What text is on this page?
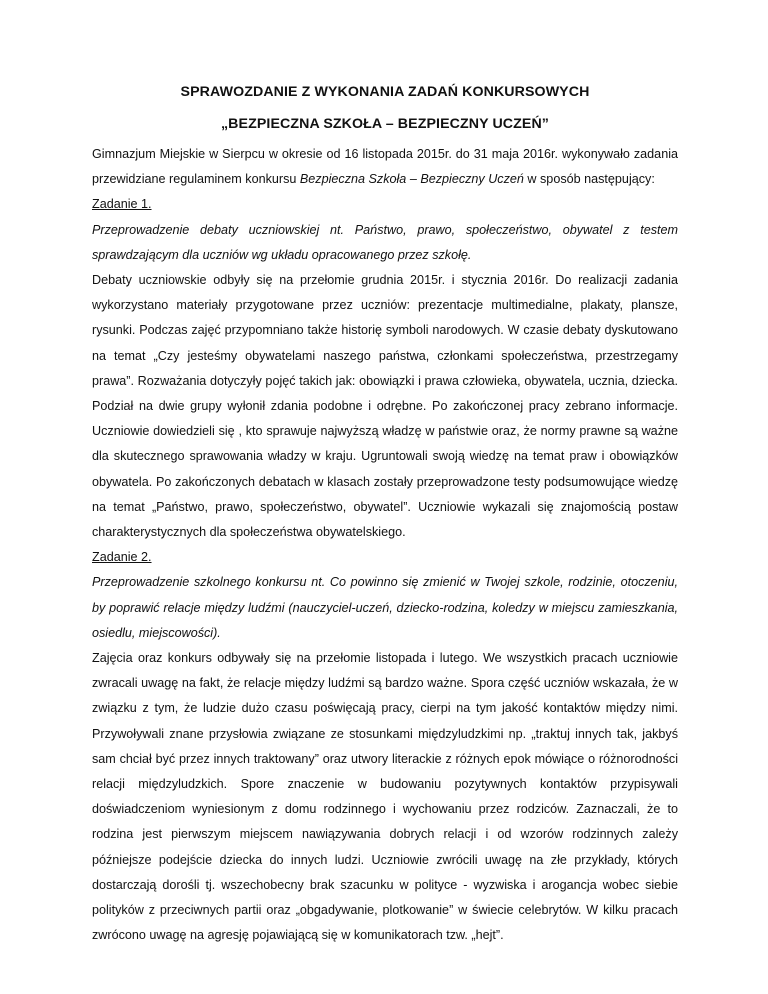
SPRAWOZDANIE Z WYKONANIA ZADAŃ KONKURSOWYCH
„BEZPIECZNA SZKOŁA – BEZPIECZNY UCZEŃ”

Gimnazjum Miejskie w Sierpcu w okresie od 16 listopada 2015r. do 31 maja 2016r. wykonywało zadania przewidziane regulaminem konkursu Bezpieczna Szkoła – Bezpieczny Uczeń w sposób następujący:

Zadanie 1.

Przeprowadzenie debaty uczniowskiej nt. Państwo, prawo, społeczeństwo, obywatel z testem sprawdzającym dla uczniów wg układu opracowanego przez szkołę.

Debaty uczniowskie odbyły się na przełomie grudnia 2015r. i stycznia 2016r. Do realizacji zadania wykorzystano materiały przygotowane przez uczniów: prezentacje multimedialne, plakaty, plansze, rysunki. Podczas zajęć przypomniano także historię symboli narodowych. W czasie debaty dyskutowano na temat „Czy jesteśmy obywatelami naszego państwa, członkami społeczeństwa, przestrzegamy prawa”. Rozważania dotyczyły pojęć takich jak: obowiązki i prawa człowieka, obywatela, ucznia, dziecka. Podział na dwie grupy wyłonił zdania podobne i odrębne. Po zakończonej pracy zebrano informacje. Uczniowie dowiedzieli się , kto sprawuje najwyższą władzę w państwie oraz, że normy prawne są ważne dla skutecznego sprawowania władzy w kraju. Ugruntowali swoją wiedzę na temat praw i obowiązków obywatela. Po zakończonych debatach w klasach zostały przeprowadzone testy podsumowujące wiedzę na temat „Państwo, prawo, społeczeństwo, obywatel”. Uczniowie wykazali się znajomością postaw charakterystycznych dla społeczeństwa obywatelskiego.

Zadanie 2.

Przeprowadzenie szkolnego konkursu nt. Co powinno się zmienić w Twojej szkole, rodzinie, otoczeniu, by poprawić relacje między ludźmi (nauczyciel-uczeń, dziecko-rodzina, koledzy w miejscu zamieszkania, osiedlu, miejscowości).

Zajęcia oraz konkurs odbywały się na przełomie listopada i lutego. We wszystkich pracach uczniowie zwracali uwagę na fakt, że relacje między ludźmi są bardzo ważne. Spora część uczniów wskazała, że w związku z tym, że ludzie dużo czasu poświęcają pracy, cierpi na tym jakość kontaktów między nimi. Przywoływali znane przysłowia związane ze stosunkami międzyludzkimi np. „traktuj innych tak, jakbyś sam chciał być przez innych traktowany” oraz utwory literackie z różnych epok mówiące o różnorodności relacji międzyludzkich. Spore znaczenie w budowaniu pozytywnych kontaktów przypisywali doświadczeniom wyniesionym z domu rodzinnego i wychowaniu przez rodziców. Zaznaczali, że to rodzina jest pierwszym miejscem nawiązywania dobrych relacji i od wzorów rodzinnych zależy późniejsze podejście dziecka do innych ludzi. Uczniowie zwrócili uwagę na złe przykłady, których dostarczają dorośli tj. wszechobecny brak szacunku w polityce - wyzwiska i arogancja wobec siebie polityków z przeciwnych partii oraz „obgadywanie, plotkowanie” w świecie celebrytów. W kilku pracach zwrócono uwagę na agresję pojawiającą się w komunikatorach tzw. „hejt”.
